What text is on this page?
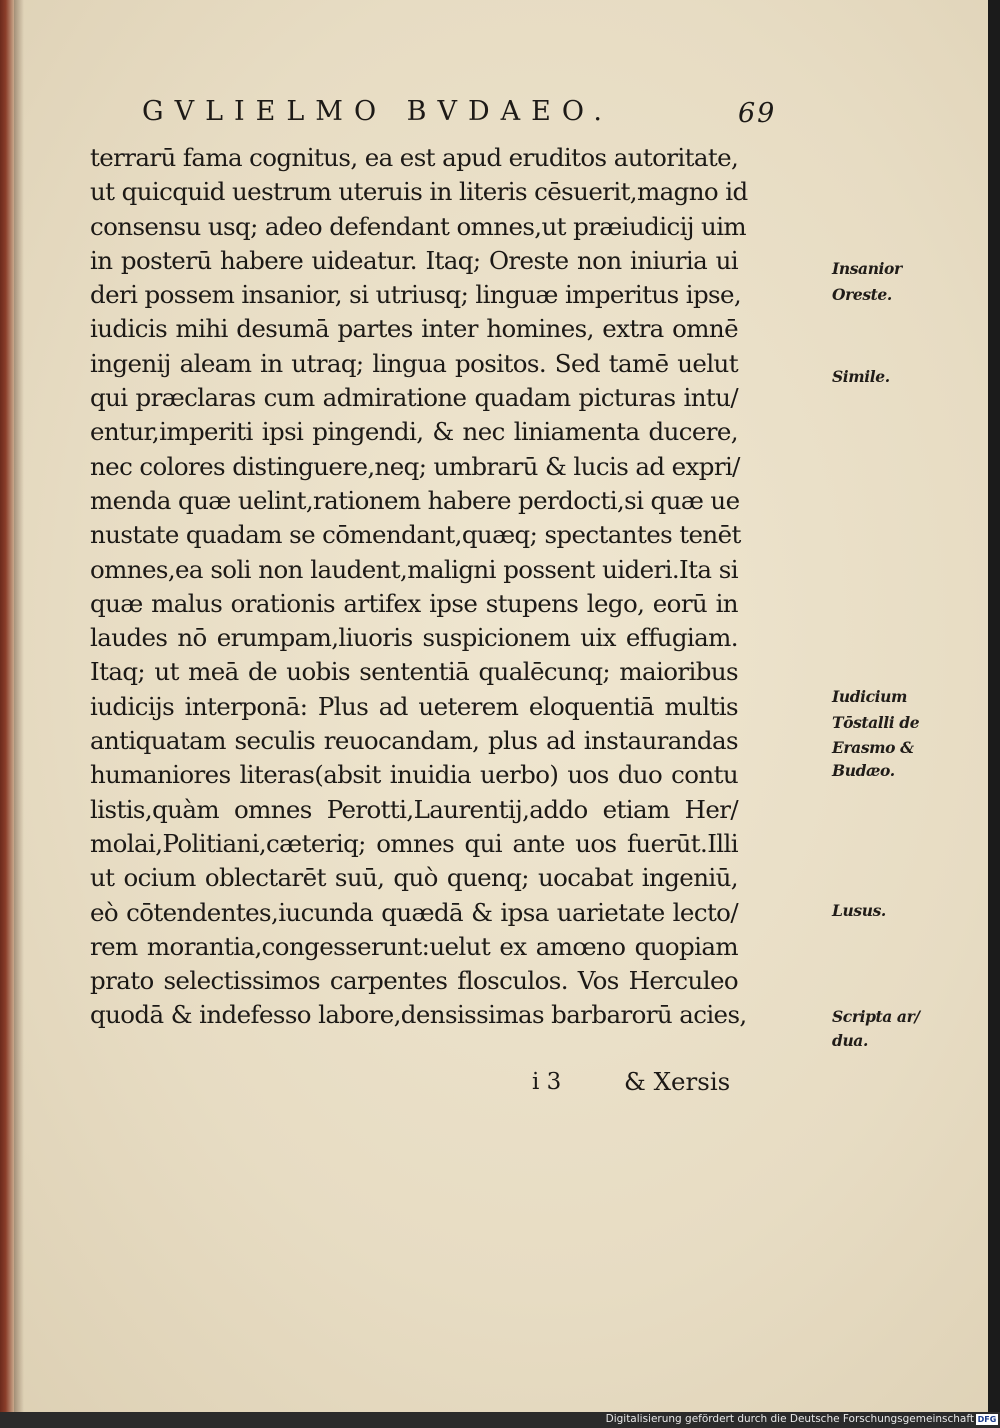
GVLIELMO BVDAEO.	69
terrarū fama cognitus, ea est apud eruditos autoritate,
ut quicquid uestrum uteruis in literis cēsuerit,magno id
consensu usq; adeo defendant omnes,ut præiudicij uim
in posterū habere uideatur. Itaq; Oreste non iniuria ui
deri possem insanior, si utriusq; linguæ imperitus ipse,
iudicis mihi desumā partes inter homines, extra omnē
ingenij aleam in utraq; lingua positos. Sed tamē uelut
qui præclaras cum admiratione quadam picturas intu/
entur,imperiti ipsi pingendi, & nec liniamenta ducere,
nec colores distinguere,neq; umbrarū & lucis ad expri/
menda quæ uelint,rationem habere perdocti,si quæ ue
nustate quadam se cōmendant,quæq; spectantes tenēt
omnes,ea soli non laudent,maligni possent uideri.Ita si
quæ malus orationis artifex ipse stupens lego, eorū in
laudes nō erumpam,liuoris suspicionem uix effugiam.
Itaq; ut meā de uobis sententiā qualēcunq; maioribus
iudicijs interponā: Plus ad ueterem eloquentiā multis
antiquatam seculis reuocandam, plus ad instaurandas
humaniores literas(absit inuidia uerbo) uos duo contu
listis,quàm omnes Perotti,Laurentij,addo etiam Her/
molai,Politiani,cæteriq; omnes qui ante uos fuerūt.Illi
ut ocium oblectarēt suū, quò quenq; uocabat ingeniū,
eò cōtendentes,iucunda quædā & ipsa uarietate lecto/
rem morantia,congesserunt:uelut ex amœno quopiam
prato selectissimos carpentes flosculos. Vos Herculeo
quodā & indefesso labore,densissimas barbarorū acies,
Insanior
Oreste.
Simile.
Iudicium
Tōstalli de
Erasmo &
Budæo.
Lusus.
Scripta ar/
dua.
i 3	& Xersis
Digitalisierung gefördert durch die Deutsche Forschungsgemeinschaft DFG
